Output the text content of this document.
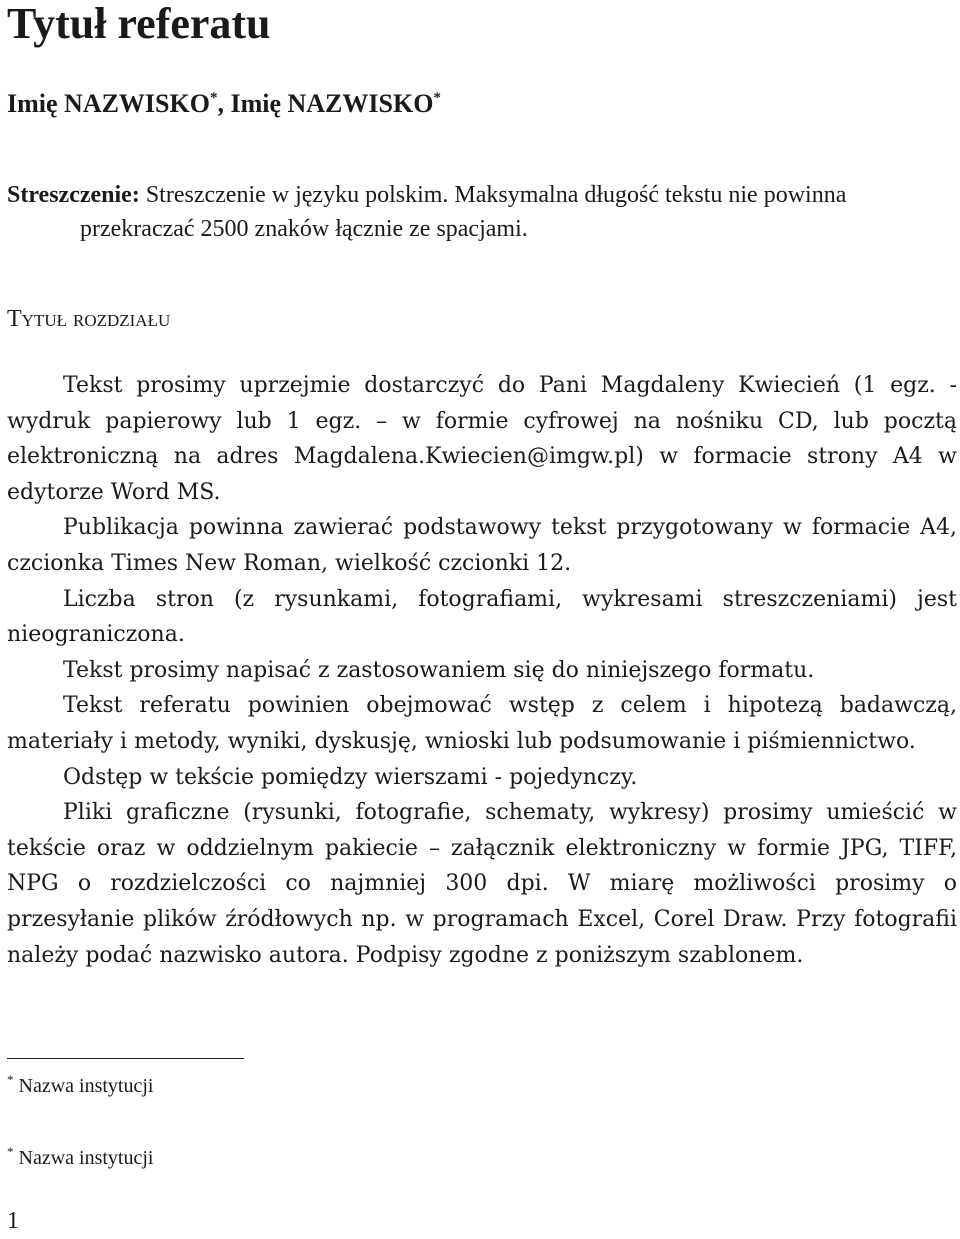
Tytuł referatu
Imię NAZWISKO*, Imię NAZWISKO*
Streszczenie: Streszczenie w języku polskim. Maksymalna długość tekstu nie powinna
przekraczać 2500 znaków łącznie ze spacjami.
Tytuł rozdziału

Tekst prosimy uprzejmie dostarczyć do Pani Magdaleny Kwiecień (1 egz. - wydruk papierowy lub 1 egz. – w formie cyfrowej na nośniku CD, lub pocztą elektroniczną na adres Magdalena.Kwiecien@imgw.pl) w formacie strony A4 w edytorze Word MS.

Publikacja powinna zawierać podstawowy tekst przygotowany w formacie A4, czcionka Times New Roman, wielkość czcionki 12.

Liczba stron (z rysunkami, fotografiami, wykresami streszczeniami) jest nieograniczona.

Tekst prosimy napisać z zastosowaniem się do niniejszego formatu.

Tekst referatu powinien obejmować wstęp z celem i hipotezą badawczą, materiały i metody, wyniki, dyskusję, wnioski lub podsumowanie i piśmiennictwo.

Odstęp w tekście pomiędzy wierszami - pojedynczy.

Pliki graficzne (rysunki, fotografie, schematy, wykresy) prosimy umieścić w tekście oraz w oddzielnym pakiecie – załącznik elektroniczny w formie JPG, TIFF, NPG o rozdzielczości co najmniej 300 dpi. W miarę możliwości prosimy o przesyłanie plików źródłowych np. w programach Excel, Corel Draw. Przy fotografii należy podać nazwisko autora. Podpisy zgodne z poniższym szablonem.

* Nazwa instytucji
* Nazwa instytucji
1
